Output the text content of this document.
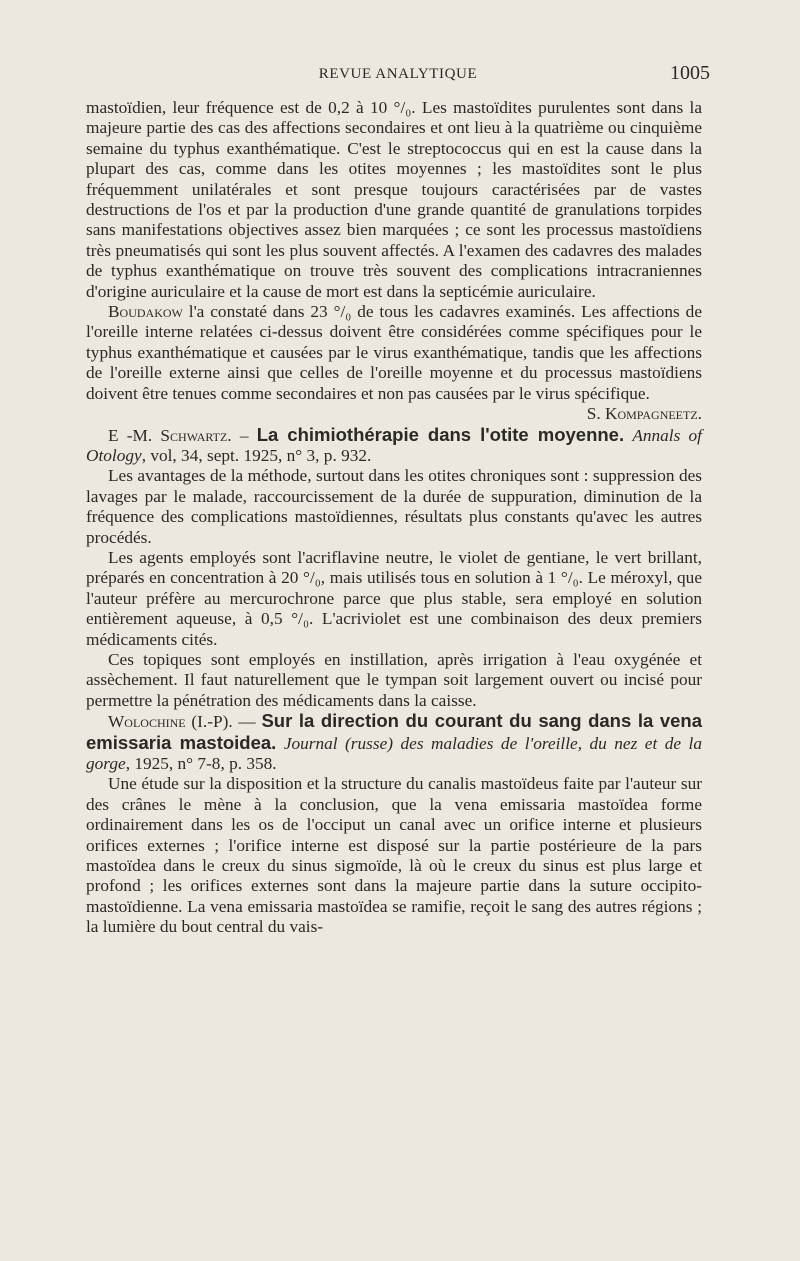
REVUE ANALYTIQUE	1005

mastoïdien, leur fréquence est de 0,2 à 10 °/₀. Les mastoïdites purulentes sont dans la majeure partie des cas des affections secondaires et ont lieu à la quatrième ou cinquième semaine du typhus exanthématique. C'est le streptococcus qui en est la cause dans la plupart des cas, comme dans les otites moyennes ; les mastoïdites sont le plus fréquemment unilatérales et sont presque toujours caractérisées par de vastes destructions de l'os et par la production d'une grande quantité de granulations torpides sans manifestations objectives assez bien marquées ; ce sont les processus mastoïdiens très pneumatisés qui sont les plus souvent affectés. A l'examen des cadavres des malades de typhus exanthématique on trouve très souvent des complications intracraniennes d'origine auriculaire et la cause de mort est dans la septicémie auriculaire.

Boudakow l'a constaté dans 23 °/₀ de tous les cadavres examinés. Les affections de l'oreille interne relatées ci-dessus doivent être considérées comme spécifiques pour le typhus exanthématique et causées par le virus exanthématique, tandis que les affections de l'oreille externe ainsi que celles de l'oreille moyenne et du processus mastoïdiens doivent être tenues comme secondaires et non pas causées par le virus spécifique.

S. Kompagneetz.

E -M. Schwartz. – La chimiothérapie dans l'otite moyenne. Annals of Otology, vol, 34, sept. 1925, n° 3, p. 932.

Les avantages de la méthode, surtout dans les otites chroniques sont : suppression des lavages par le malade, raccourcissement de la durée de suppuration, diminution de la fréquence des complications mastoïdiennes, résultats plus constants qu'avec les autres procédés.

Les agents employés sont l'acriflavine neutre, le violet de gentiane, le vert brillant, préparés en concentration à 20 °/₀, mais utilisés tous en solution à 1 °/₀. Le méroxyl, que l'auteur préfère au mercurochrone parce que plus stable, sera employé en solution entièrement aqueuse, à 0,5 °/₀. L'acriviolet est une combinaison des deux premiers médicaments cités.

Ces topiques sont employés en instillation, après irrigation à l'eau oxygénée et assèchement. Il faut naturellement que le tympan soit largement ouvert ou incisé pour permettre la pénétration des médicaments dans la caisse.

Wolochine (I.-P). — Sur la direction du courant du sang dans la vena emissaria mastoidea. Journal (russe) des maladies de l'oreille, du nez et de la gorge, 1925, n° 7-8, p. 358.

Une étude sur la disposition et la structure du canalis mastoïdeus faite par l'auteur sur des crânes le mène à la conclusion, que la vena emissaria mastoïdea forme ordinairement dans les os de l'occiput un canal avec un orifice interne et plusieurs orifices externes ; l'orifice interne est disposé sur la partie postérieure de la pars mastoïdea dans le creux du sinus sigmoïde, là où le creux du sinus est plus large et profond ; les orifices externes sont dans la majeure partie dans la suture occipito-mastoïdienne. La vena emissaria mastoïdea se ramifie, reçoit le sang des autres régions ; la lumière du bout central du vais-
